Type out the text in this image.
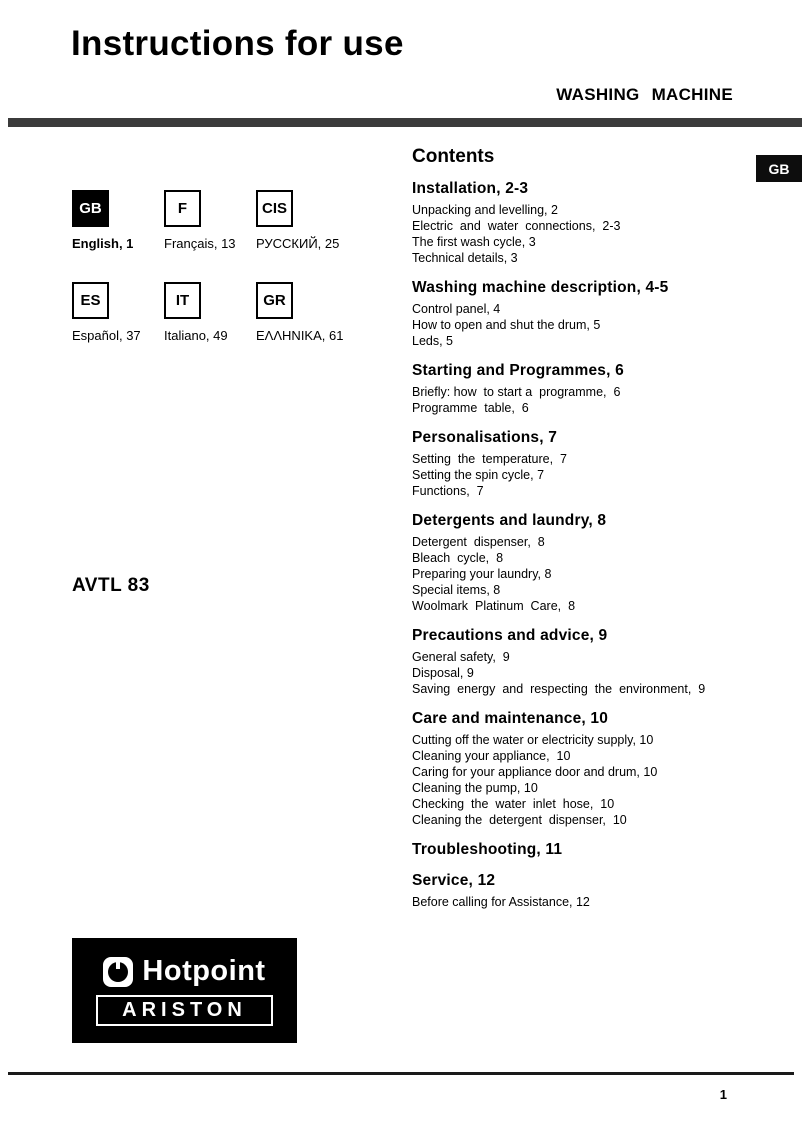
Instructions for use
WASHING MACHINE
GB
GB
English, 1
F
Français, 13
CIS
РУССКИЙ, 25
ES
Español, 37
IT
Italiano, 49
GR
ΕΛΛΗΝΙΚΑ, 61
AVTL 83
Hotpoint
ARISTON
Contents
Installation, 2-3
Unpacking and levelling, 2
Electric  and  water  connections,  2-3
The first wash cycle, 3
Technical details, 3
Washing machine description, 4-5
Control panel, 4
How to open and shut the drum, 5
Leds, 5
Starting and Programmes, 6
Briefly: how  to start a  programme,  6
Programme  table,  6
Personalisations, 7
Setting  the  temperature,  7
Setting the spin cycle, 7
Functions,  7
Detergents and laundry, 8
Detergent  dispenser,  8
Bleach  cycle,  8
Preparing your laundry, 8
Special items, 8
Woolmark  Platinum  Care,  8
Precautions and advice, 9
General safety,  9
Disposal, 9
Saving  energy  and  respecting  the  environment,  9
Care and maintenance, 10
Cutting off the water or electricity supply, 10
Cleaning your appliance,  10
Caring for your appliance door and drum, 10
Cleaning the pump, 10
Checking  the  water  inlet  hose,  10
Cleaning the  detergent  dispenser,  10
Troubleshooting, 11
Service, 12
Before calling for Assistance, 12
1
